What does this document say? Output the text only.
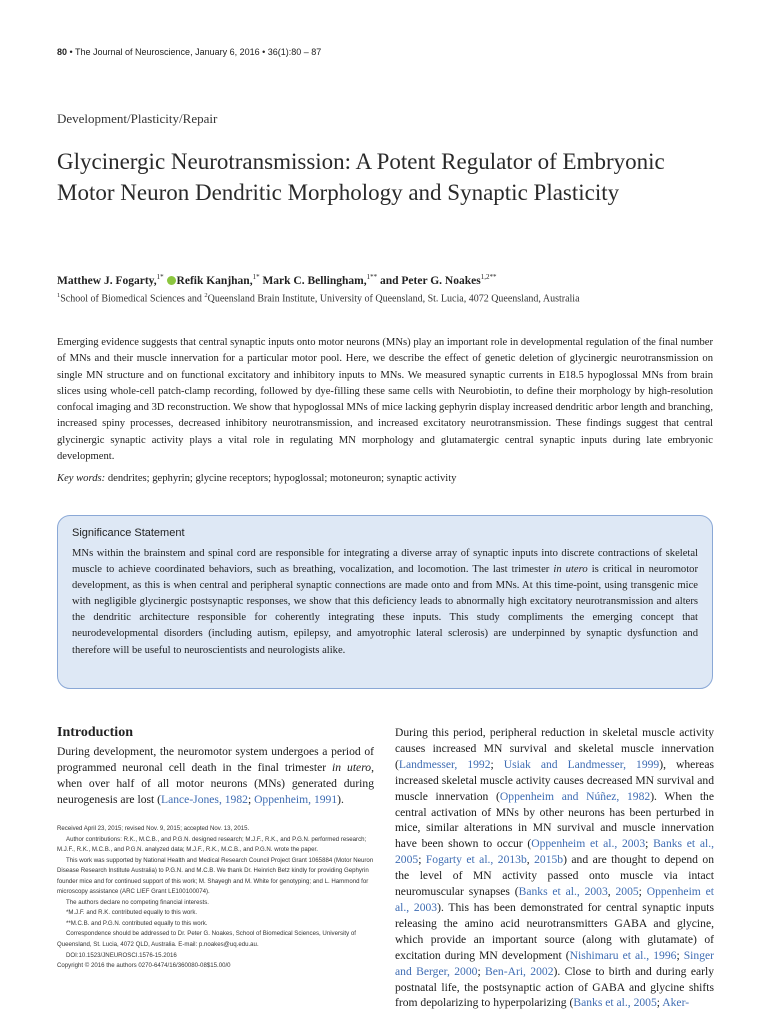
80 • The Journal of Neuroscience, January 6, 2016 • 36(1):80 – 87
Development/Plasticity/Repair
Glycinergic Neurotransmission: A Potent Regulator of Embryonic Motor Neuron Dendritic Morphology and Synaptic Plasticity
Matthew J. Fogarty,$^{1*}$ Refik Kanjhan,$^{1*}$ Mark C. Bellingham,$^{1**}$ and Peter G. Noakes$^{1,2**}$
$^1$School of Biomedical Sciences and $^2$Queensland Brain Institute, University of Queensland, St. Lucia, 4072 Queensland, Australia

Emerging evidence suggests that central synaptic inputs onto motor neurons (MNs) play an important role in developmental regulation of the final number of MNs and their muscle innervation for a particular motor pool. Here, we describe the effect of genetic deletion of glycinergic neurotransmission on single MN structure and on functional excitatory and inhibitory inputs to MNs. We measured synaptic currents in E18.5 hypoglossal MNs from brain slices using whole-cell patch-clamp recording, followed by dye-filling these same cells with Neurobiotin, to define their morphology by high-resolution confocal imaging and 3D reconstruction. We show that hypoglossal MNs of mice lacking gephyrin display increased dendritic arbor length and branching, increased spiny processes, decreased inhibitory neurotransmission, and increased excitatory neurotransmission. These findings suggest that central glycinergic synaptic activity plays a vital role in regulating MN morphology and glutamatergic central synaptic inputs during late embryonic development.

Key words: dendrites; gephyrin; glycine receptors; hypoglossal; motoneuron; synaptic activity
Significance Statement

MNs within the brainstem and spinal cord are responsible for integrating a diverse array of synaptic inputs into discrete contractions of skeletal muscle to achieve coordinated behaviors, such as breathing, vocalization, and locomotion. The last trimester in utero is critical in neuromotor development, as this is when central and peripheral synaptic connections are made onto and from MNs. At this time-point, using transgenic mice with negligible glycinergic postsynaptic responses, we show that this deficiency leads to abnormally high excitatory neurotransmission and alters the dendritic architecture responsible for coherently integrating these inputs. This study compliments the emerging concept that neurodevelopmental disorders (including autism, epilepsy, and amyotrophic lateral sclerosis) are underpinned by synaptic dysfunction and therefore will be useful to neuroscientists and neurologists alike.

Introduction

During development, the neuromotor system undergoes a period of programmed neuronal cell death in the final trimester in utero, when over half of all motor neurons (MNs) generated during neurogenesis are lost (Lance-Jones, 1982; Oppenheim, 1991).

Received April 23, 2015; revised Nov. 9, 2015; accepted Nov. 13, 2015.

Author contributions: R.K., M.C.B., and P.G.N. designed research; M.J.F., R.K., and P.G.N. performed research; M.J.F., R.K., M.C.B., and P.G.N. analyzed data; M.J.F., R.K., M.C.B., and P.G.N. wrote the paper.

This work was supported by National Health and Medical Research Council Project Grant 1065884 (Motor Neuron Disease Research Institute Australia) to P.G.N. and M.C.B. We thank Dr. Heinrich Betz kindly for providing Gephyrin founder mice and for continued support of this work; M. Shayegh and M. White for genotyping; and L. Hammond for microscopy assistance (ARC LIEF Grant LE100100074).

The authors declare no competing financial interests.

*M.J.F. and R.K. contributed equally to this work.

**M.C.B. and P.G.N. contributed equally to this work.

Correspondence should be addressed to Dr. Peter G. Noakes, School of Biomedical Sciences, University of Queensland, St. Lucia, 4072 QLD, Australia. E-mail: p.noakes@uq.edu.au.

DOI:10.1523/JNEUROSCI.1576-15.2016

Copyright © 2016 the authors 0270-6474/16/360080-08$15.00/0

During this period, peripheral reduction in skeletal muscle activity causes increased MN survival and skeletal muscle innervation (Landmesser, 1992; Usiak and Landmesser, 1999), whereas increased skeletal muscle activity causes decreased MN survival and muscle innervation (Oppenheim and Núñez, 1982). When the central activation of MNs by other neurons has been perturbed in mice, similar alterations in MN survival and muscle innervation have been shown to occur (Oppenheim et al., 2003; Banks et al., 2005; Fogarty et al., 2013b, 2015b) and are thought to depend on the level of MN activity passed onto muscle via intact neuromuscular synapses (Banks et al., 2003, 2005; Oppenheim et al., 2003). This has been demonstrated for central synaptic inputs releasing the amino acid neurotransmitters GABA and glycine, which provide an important source (along with glutamate) of excitation during MN development (Nishimaru et al., 1996; Singer and Berger, 2000; Ben-Ari, 2002). Close to birth and during early postnatal life, the postsynaptic action of GABA and glycine shifts from depolarizing to hyperpolarizing (Banks et al., 2005; Aker-
